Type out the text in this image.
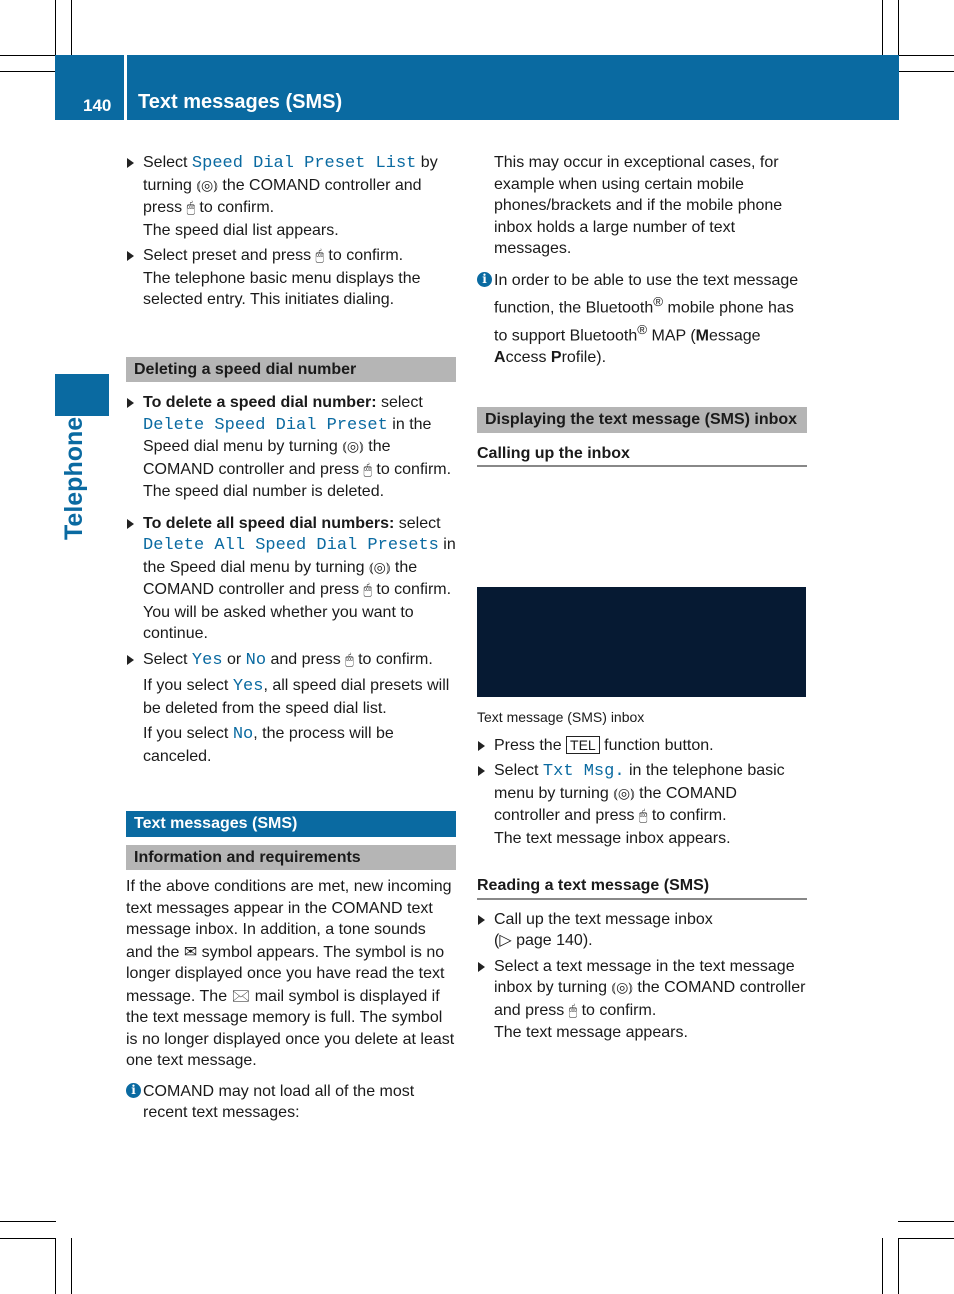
140 Text messages (SMS)
Telephone
Select Speed Dial Preset List by turning ⦅◎⦆ the COMAND controller and press 🖱 to confirm.

The speed dial list appears.

Select preset and press 🖱 to confirm.

The telephone basic menu displays the selected entry. This initiates dialing.

Deleting a speed dial number
To delete a speed dial number: select Delete Speed Dial Preset in the Speed dial menu by turning ⦅◎⦆ the COMAND controller and press 🖱 to confirm.

The speed dial number is deleted.

To delete all speed dial numbers: select Delete All Speed Dial Presets in the Speed dial menu by turning ⦅◎⦆ the COMAND controller and press 🖱 to confirm.

You will be asked whether you want to continue.

Select Yes or No and press 🖱 to confirm.
If you select Yes, all speed dial presets will be deleted from the speed dial list.
If you select No, the process will be canceled.
Text messages (SMS)
Information and requirements

If the above conditions are met, new incoming text messages appear in the COMAND text message inbox. In addition, a tone sounds and the ✉ symbol appears. The symbol is no longer displayed once you have read the text message. The 🖂 mail symbol is displayed if the text message memory is full. The symbol is no longer displayed once you delete at least one text message.

i COMAND may not load all of the most recent text messages:

This may occur in exceptional cases, for example when using certain mobile phones/brackets and if the mobile phone inbox holds a large number of text messages.

i In order to be able to use the text message function, the Bluetooth® mobile phone has to support Bluetooth® MAP (Message Access Profile).
Displaying the text message (SMS) inbox
Calling up the inbox
Text message (SMS) inbox
Press the TEL function button.
Select Txt Msg. in the telephone basic menu by turning ⦅◎⦆ the COMAND controller and press 🖱 to confirm.

The text message inbox appears.

Reading a text message (SMS)
Call up the text message inbox

(▷ page 140).

Select a text message in the text message inbox by turning ⦅◎⦆ the COMAND controller and press 🖱 to confirm.

The text message appears.
